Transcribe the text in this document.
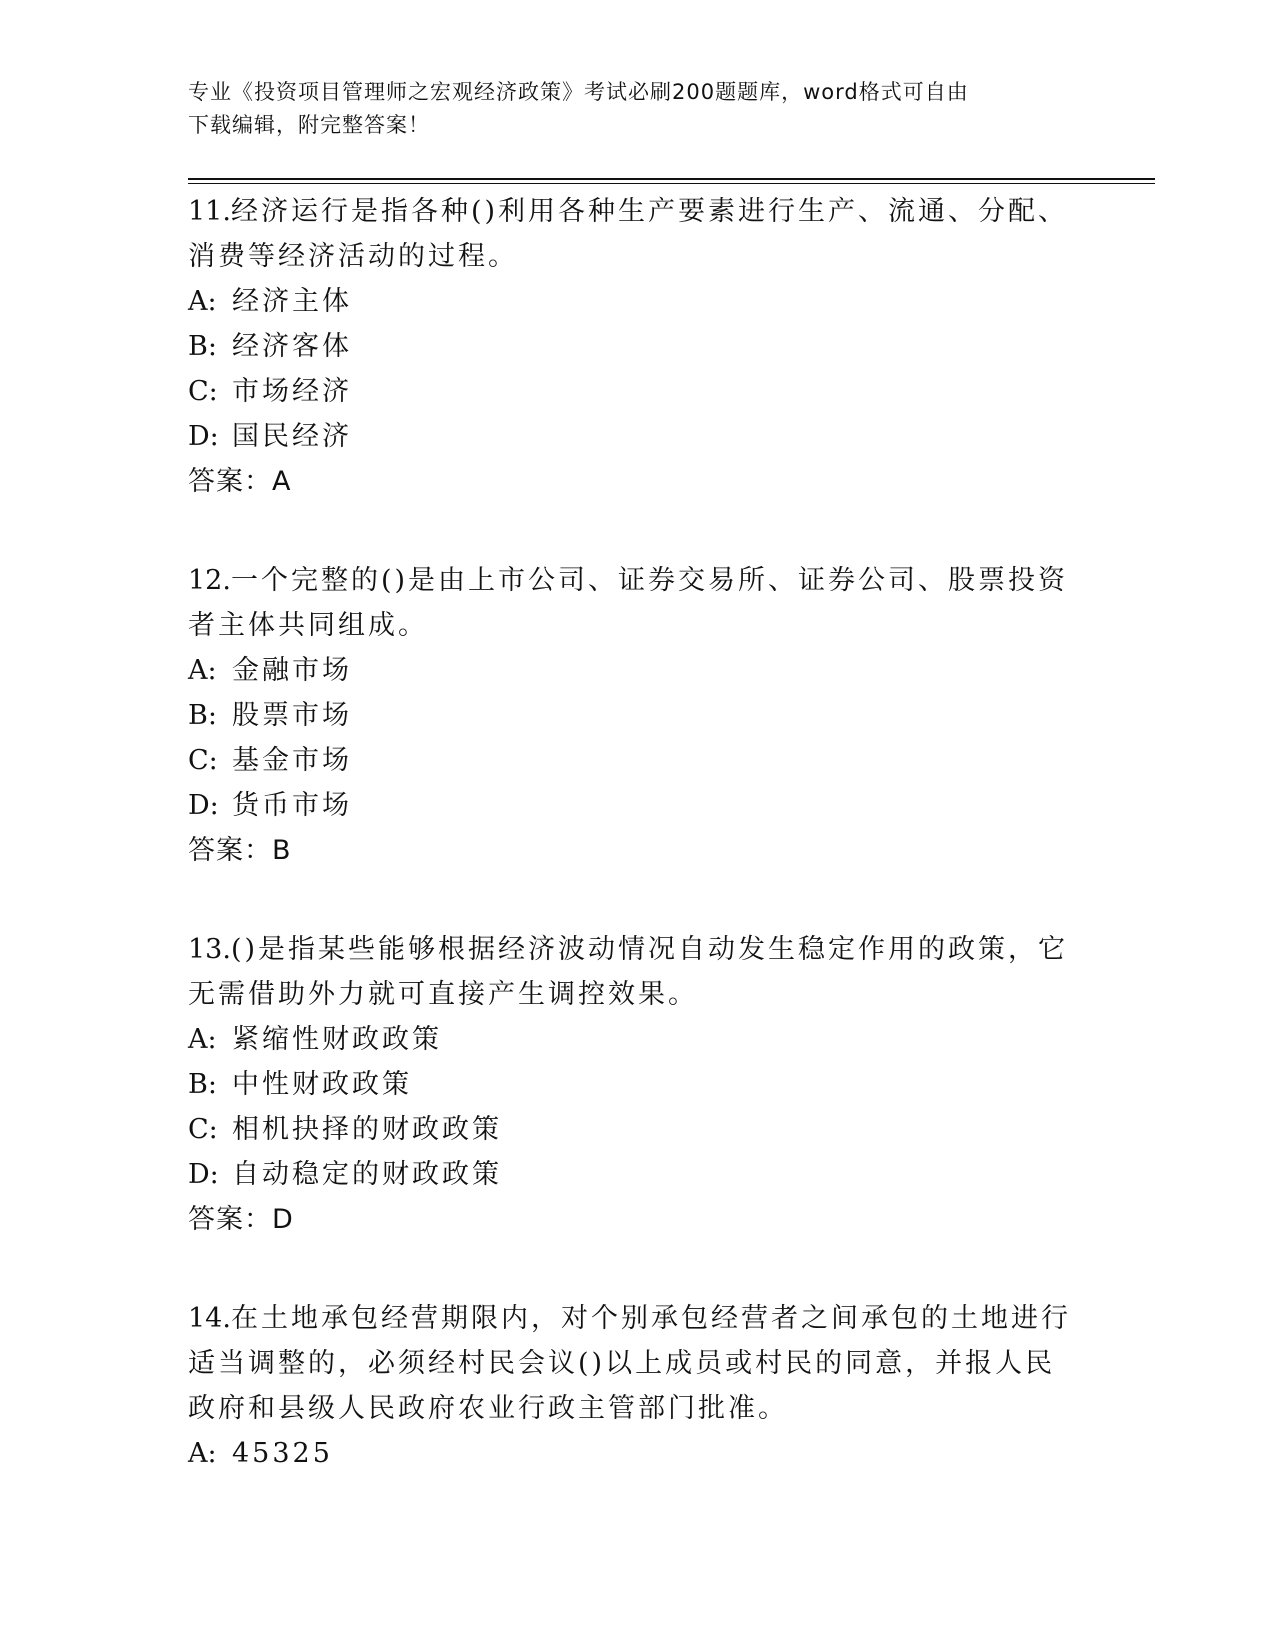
专业《投资项目管理师之宏观经济政策》考试必刷200题题库，word格式可自由
下载编辑，附完整答案！
11.经济运行是指各种()利用各种生产要素进行生产、流通、分配、消费等经济活动的过程。
A: 经济主体
B: 经济客体
C: 市场经济
D: 国民经济
答案：A
12.一个完整的()是由上市公司、证券交易所、证券公司、股票投资者主体共同组成。
A: 金融市场
B: 股票市场
C: 基金市场
D: 货币市场
答案：B
13.()是指某些能够根据经济波动情况自动发生稳定作用的政策，它无需借助外力就可直接产生调控效果。
A: 紧缩性财政政策
B: 中性财政政策
C: 相机抉择的财政政策
D: 自动稳定的财政政策
答案：D
14.在土地承包经营期限内，对个别承包经营者之间承包的土地进行适当调整的，必须经村民会议()以上成员或村民的同意，并报人民政府和县级人民政府农业行政主管部门批准。
A: 45325
